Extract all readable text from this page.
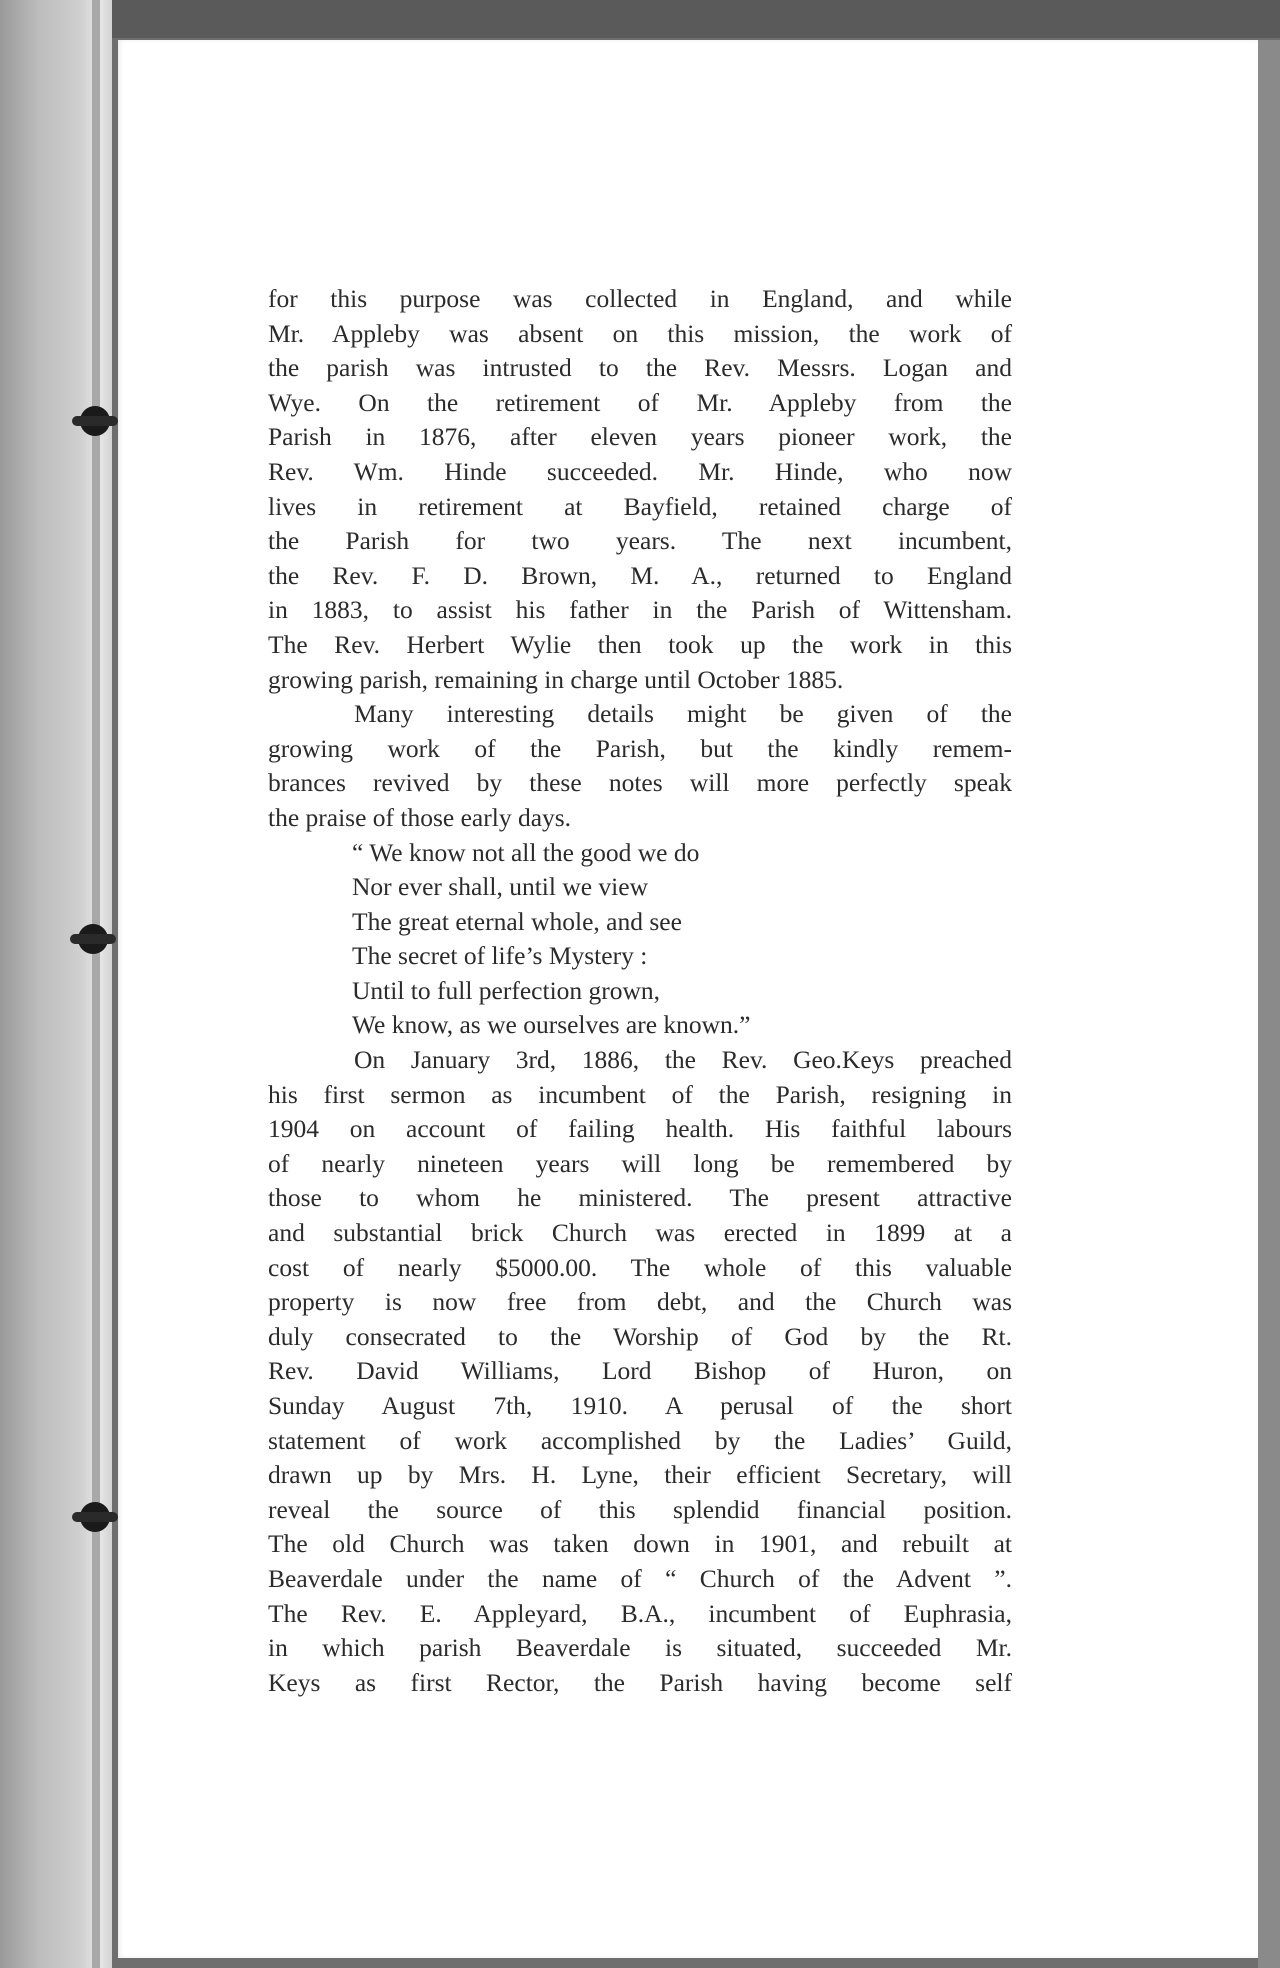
for this purpose was collected in England, and while
Mr. Appleby was absent on this mission, the work of
the parish was intrusted to the Rev. Messrs. Logan and
Wye. On the retirement of Mr. Appleby from the
Parish in 1876, after eleven years pioneer work, the
Rev. Wm. Hinde succeeded. Mr. Hinde, who now
lives in retirement at Bayfield, retained charge of
the Parish for two years. The next incumbent,
the Rev. F. D. Brown, M. A., returned to England
in 1883, to assist his father in the Parish of Wittensham.
The Rev. Herbert Wylie then took up the work in this
growing parish, remaining in charge until October 1885.
Many interesting details might be given of the
growing work of the Parish, but the kindly remem-
brances revived by these notes will more perfectly speak
the praise of those early days.
“ We know not all the good we do
Nor ever shall, until we view
The great eternal whole, and see
The secret of life’s Mystery :
Until to full perfection grown,
We know, as we ourselves are known.”
On January 3rd, 1886, the Rev. Geo.Keys preached
his first sermon as incumbent of the Parish, resigning in
1904 on account of failing health. His faithful labours
of nearly nineteen years will long be remembered by
those to whom he ministered. The present attractive
and substantial brick Church was erected in 1899 at a
cost of nearly $5000.00. The whole of this valuable
property is now free from debt, and the Church was
duly consecrated to the Worship of God by the Rt.
Rev. David Williams, Lord Bishop of Huron, on
Sunday August 7th, 1910. A perusal of the short
statement of work accomplished by the Ladies’ Guild,
drawn up by Mrs. H. Lyne, their efficient Secretary, will
reveal the source of this splendid financial position.
The old Church was taken down in 1901, and rebuilt at
Beaverdale under the name of “ Church of the Advent ”.
The Rev. E. Appleyard, B.A., incumbent of Euphrasia,
in which parish Beaverdale is situated, succeeded Mr.
Keys as first Rector, the Parish having become self
